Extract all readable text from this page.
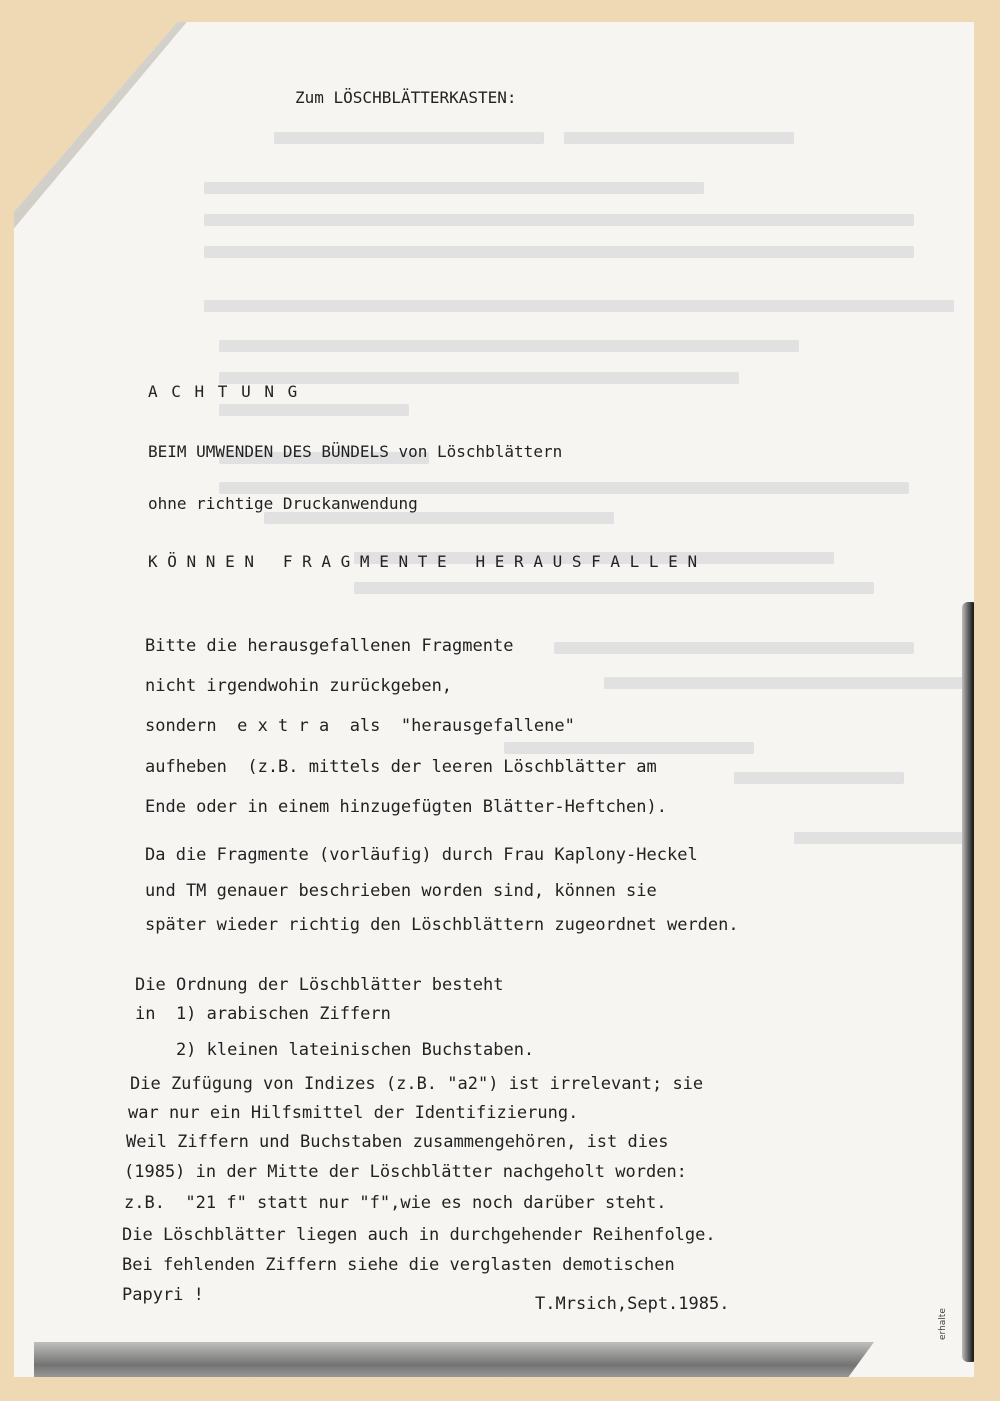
Zum LÖSCHBLÄTTERKASTEN:
A C H T U N G
BEIM UMWENDEN DES BÜNDELS von Löschblättern
ohne richtige Druckanwendung
K Ö N N E N   F R A G M E N T E   H E R A U S F A L L E N
Bitte die herausgefallenen Fragmente
nicht irgendwohin zurückgeben,
sondern  e x t r a  als  "herausgefallene"
aufheben  (z.B. mittels der leeren Löschblätter am
Ende oder in einem hinzugefügten Blätter-Heftchen).
Da die Fragmente (vorläufig) durch Frau Kaplony-Heckel
und TM genauer beschrieben worden sind, können sie
später wieder richtig den Löschblättern zugeordnet werden.
Die Ordnung der Löschblätter besteht
in  1) arabischen Ziffern
2) kleinen lateinischen Buchstaben.
Die Zufügung von Indizes (z.B. "a2") ist irrelevant; sie
war nur ein Hilfsmittel der Identifizierung.
Weil Ziffern und Buchstaben zusammengehören, ist dies
(1985) in der Mitte der Löschblätter nachgeholt worden:
z.B.  "21 f" statt nur "f",wie es noch darüber steht.
Die Löschblätter liegen auch in durchgehender Reihenfolge.
Bei fehlenden Ziffern siehe die verglasten demotischen
Papyri !	T.Mrsich,Sept.1985.
erhalte
